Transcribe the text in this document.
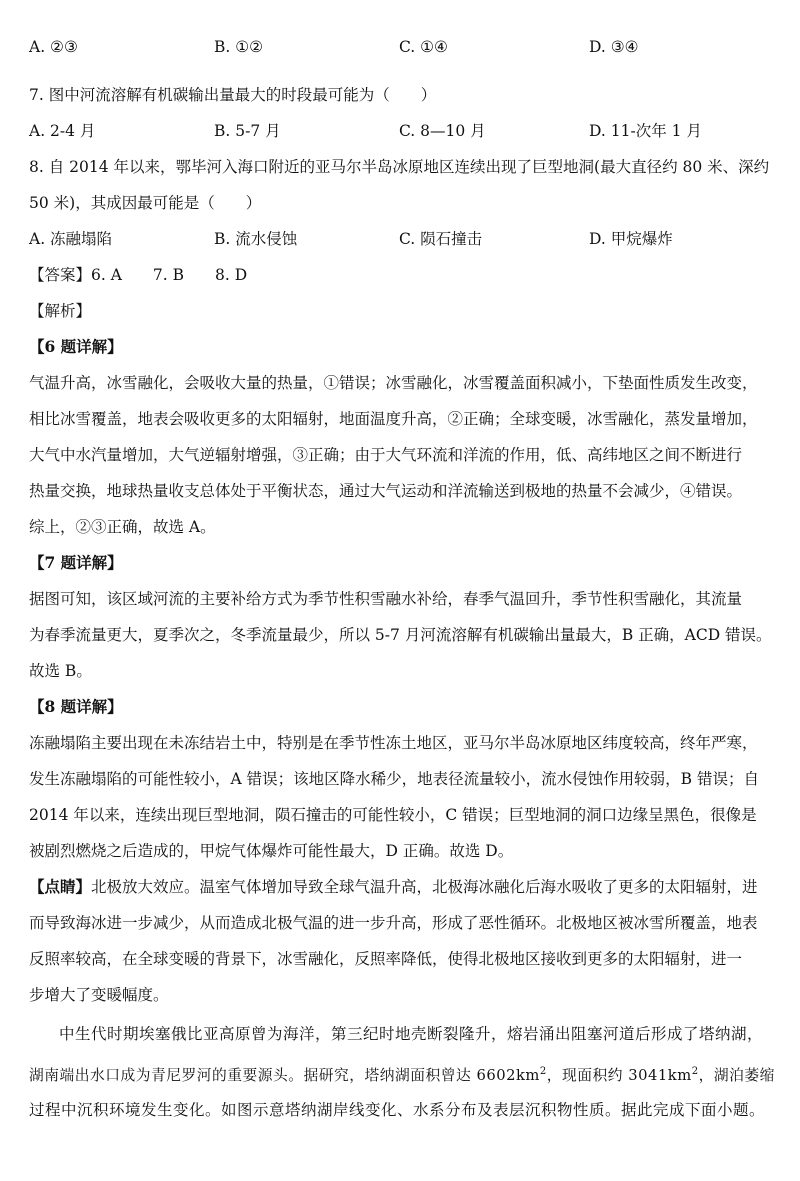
A. ②③	B. ①②	C. ①④	D. ③④
7. 图中河流溶解有机碳输出量最大的时段最可能为（　　）
A. 2-4 月	B. 5-7 月	C. 8—10 月	D. 11-次年 1 月
8. 自 2014 年以来，鄂毕河入海口附近的亚马尔半岛冰原地区连续出现了巨型地洞(最大直径约 80 米、深约
50 米)，其成因最可能是（　　）
A. 冻融塌陷	B. 流水侵蚀	C. 陨石撞击	D. 甲烷爆炸
【答案】6. A　　7. B　　8. D
【解析】
【6 题详解】
气温升高，冰雪融化，会吸收大量的热量，①错误；冰雪融化，冰雪覆盖面积减小，下垫面性质发生改变，
相比冰雪覆盖，地表会吸收更多的太阳辐射，地面温度升高，②正确；全球变暖，冰雪融化，蒸发量增加，
大气中水汽量增加，大气逆辐射增强，③正确；由于大气环流和洋流的作用，低、高纬地区之间不断进行
热量交换，地球热量收支总体处于平衡状态，通过大气运动和洋流输送到极地的热量不会减少，④错误。
综上，②③正确，故选 A。
【7 题详解】
据图可知，该区域河流的主要补给方式为季节性积雪融水补给，春季气温回升，季节性积雪融化，其流量
为春季流量更大，夏季次之，冬季流量最少，所以 5-7 月河流溶解有机碳输出量最大，B 正确，ACD 错误。
故选 B。
【8 题详解】
冻融塌陷主要出现在未冻结岩土中，特别是在季节性冻土地区，亚马尔半岛冰原地区纬度较高，终年严寒，
发生冻融塌陷的可能性较小，A 错误；该地区降水稀少，地表径流量较小，流水侵蚀作用较弱，B 错误；自
2014 年以来，连续出现巨型地洞，陨石撞击的可能性较小，C 错误；巨型地洞的洞口边缘呈黑色，很像是
被剧烈燃烧之后造成的，甲烷气体爆炸可能性最大，D 正确。故选 D。
【点睛】北极放大效应。温室气体增加导致全球气温升高，北极海冰融化后海水吸收了更多的太阳辐射，进
而导致海冰进一步减少，从而造成北极气温的进一步升高，形成了恶性循环。北极地区被冰雪所覆盖，地表
反照率较高，在全球变暖的背景下，冰雪融化，反照率降低，使得北极地区接收到更多的太阳辐射，进一
步增大了变暖幅度。
中生代时期埃塞俄比亚高原曾为海洋，第三纪时地壳断裂隆升，熔岩涌出阻塞河道后形成了塔纳湖，
湖南端出水口成为青尼罗河的重要源头。据研究，塔纳湖面积曾达 $6602km^2$，现面积约 $3041km^2$，湖泊萎缩
过程中沉积环境发生变化。如图示意塔纳湖岸线变化、水系分布及表层沉积物性质。据此完成下面小题。
